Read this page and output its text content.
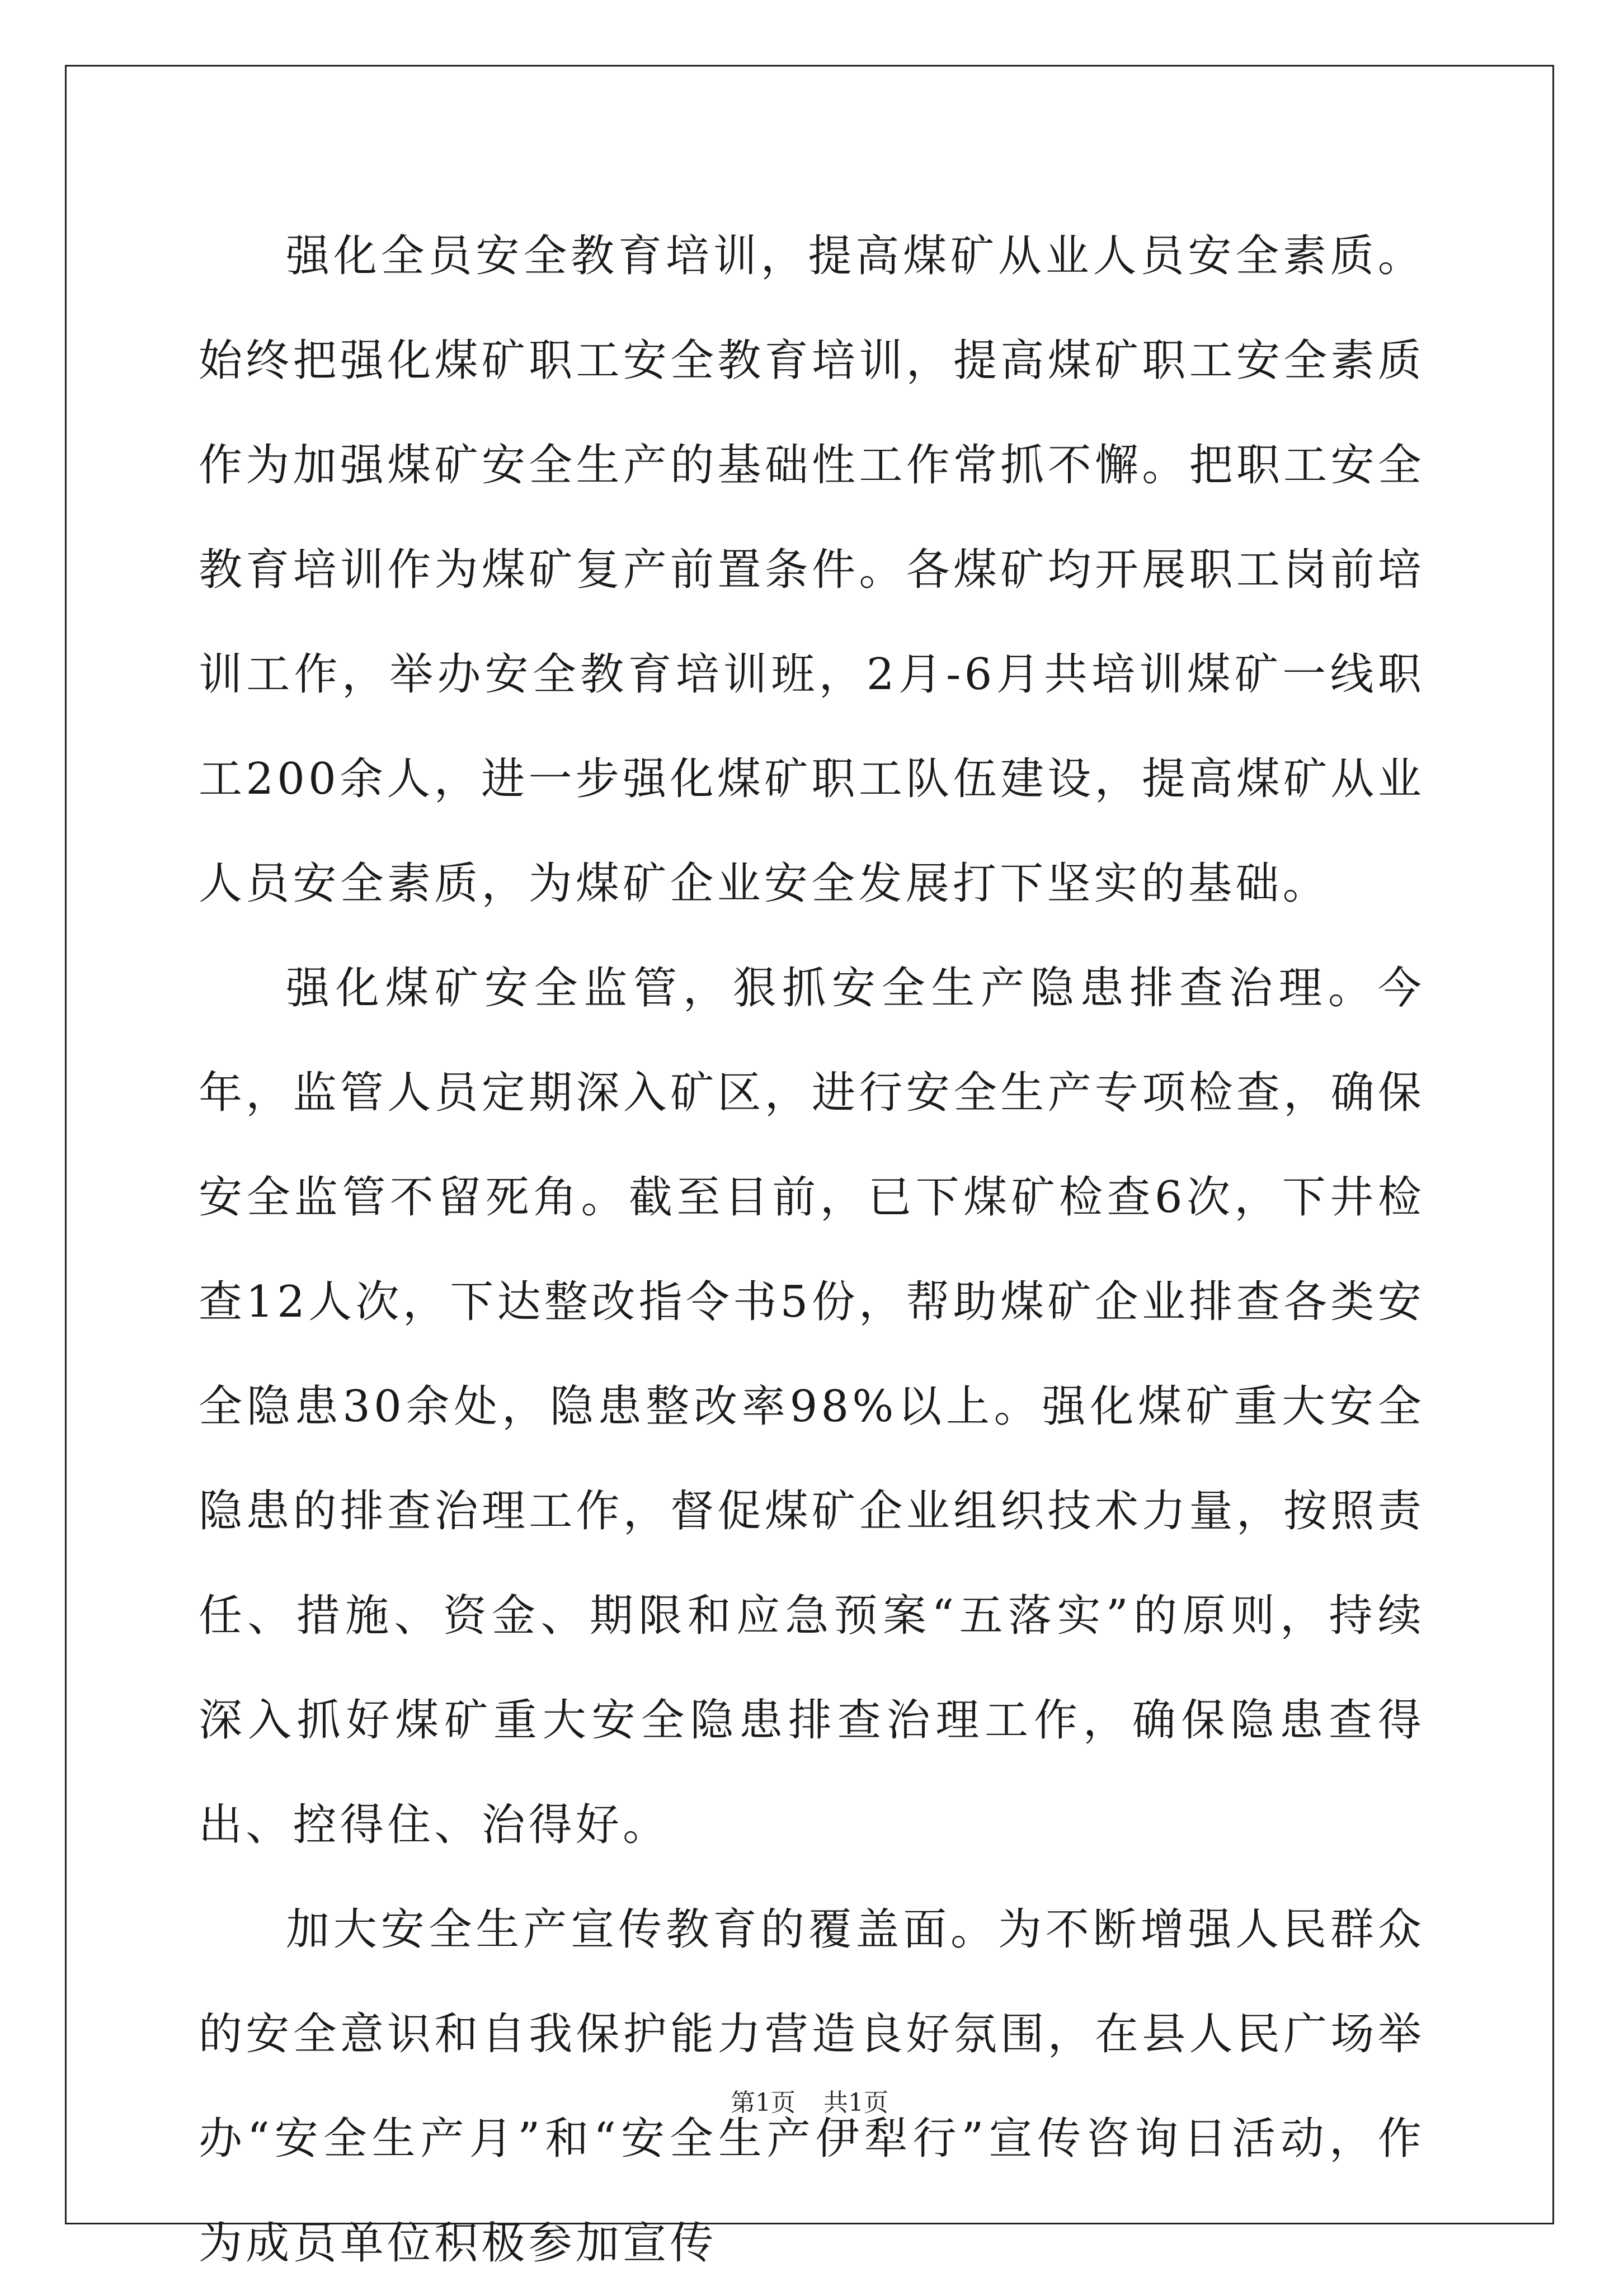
强化全员安全教育培训，提高煤矿从业人员安全素质。始终把强化煤矿职工安全教育培训，提高煤矿职工安全素质作为加强煤矿安全生产的基础性工作常抓不懈。把职工安全教育培训作为煤矿复产前置条件。各煤矿均开展职工岗前培训工作，举办安全教育培训班，2月-6月共培训煤矿一线职工200余人，进一步强化煤矿职工队伍建设，提高煤矿从业人员安全素质，为煤矿企业安全发展打下坚实的基础。

强化煤矿安全监管，狠抓安全生产隐患排查治理。今年，监管人员定期深入矿区，进行安全生产专项检查，确保安全监管不留死角。截至目前，已下煤矿检查6次，下井检查12人次，下达整改指令书5份，帮助煤矿企业排查各类安全隐患30余处，隐患整改率98%以上。强化煤矿重大安全隐患的排查治理工作，督促煤矿企业组织技术力量，按照责任、措施、资金、期限和应急预案“五落实”的原则，持续深入抓好煤矿重大安全隐患排查治理工作，确保隐患查得出、控得住、治得好。

加大安全生产宣传教育的覆盖面。为不断增强人民群众的安全意识和自我保护能力营造良好氛围，在县人民广场举办“安全生产月”和“安全生产伊犁行”宣传咨询日活动，作为成员单位积极参加宣传

第1页 共1页
